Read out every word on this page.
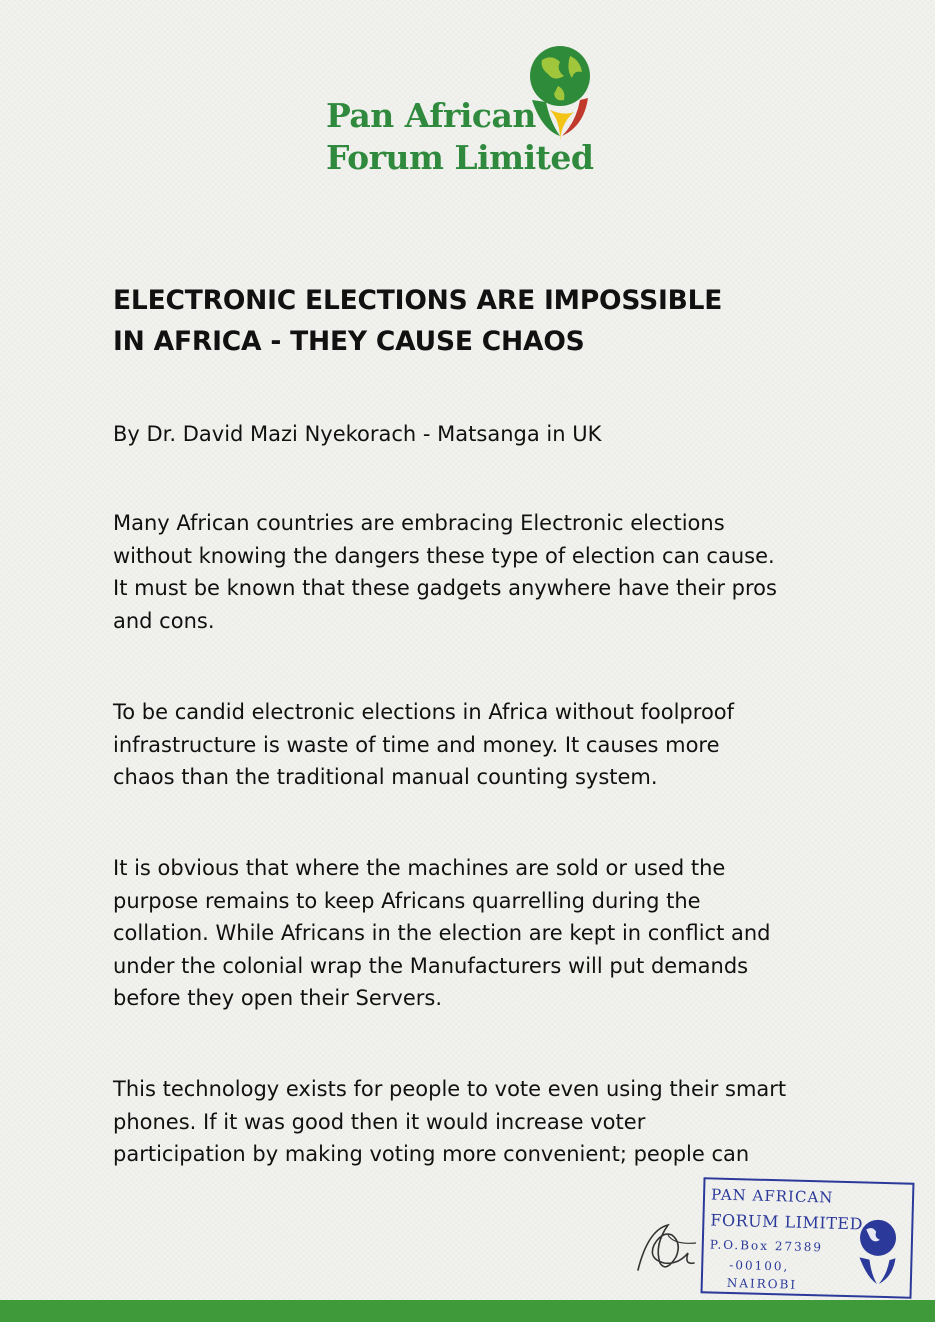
Pan African
Forum Limited
ELECTRONIC ELECTIONS ARE IMPOSSIBLE
IN AFRICA - THEY CAUSE CHAOS
By Dr. David Mazi Nyekorach - Matsanga in UK
Many African countries are embracing Electronic elections
without knowing the dangers these type of election can cause.
It must be known that these gadgets anywhere have their pros
and cons.
To be candid electronic elections in Africa without foolproof
infrastructure is waste of time and money. It causes more
chaos than the traditional manual counting system.
It is obvious that where the machines are sold or used the
purpose remains to keep Africans quarrelling during the
collation. While Africans in the election are kept in conflict and
under the colonial wrap the Manufacturers will put demands
before they open their Servers.
This technology exists for people to vote even using their smart
phones. If it was good then it would increase voter
participation by making voting more convenient; people can
PAN AFRICAN
FORUM LIMITED
P.O.Box 27389
-00100,
NAIROBI
